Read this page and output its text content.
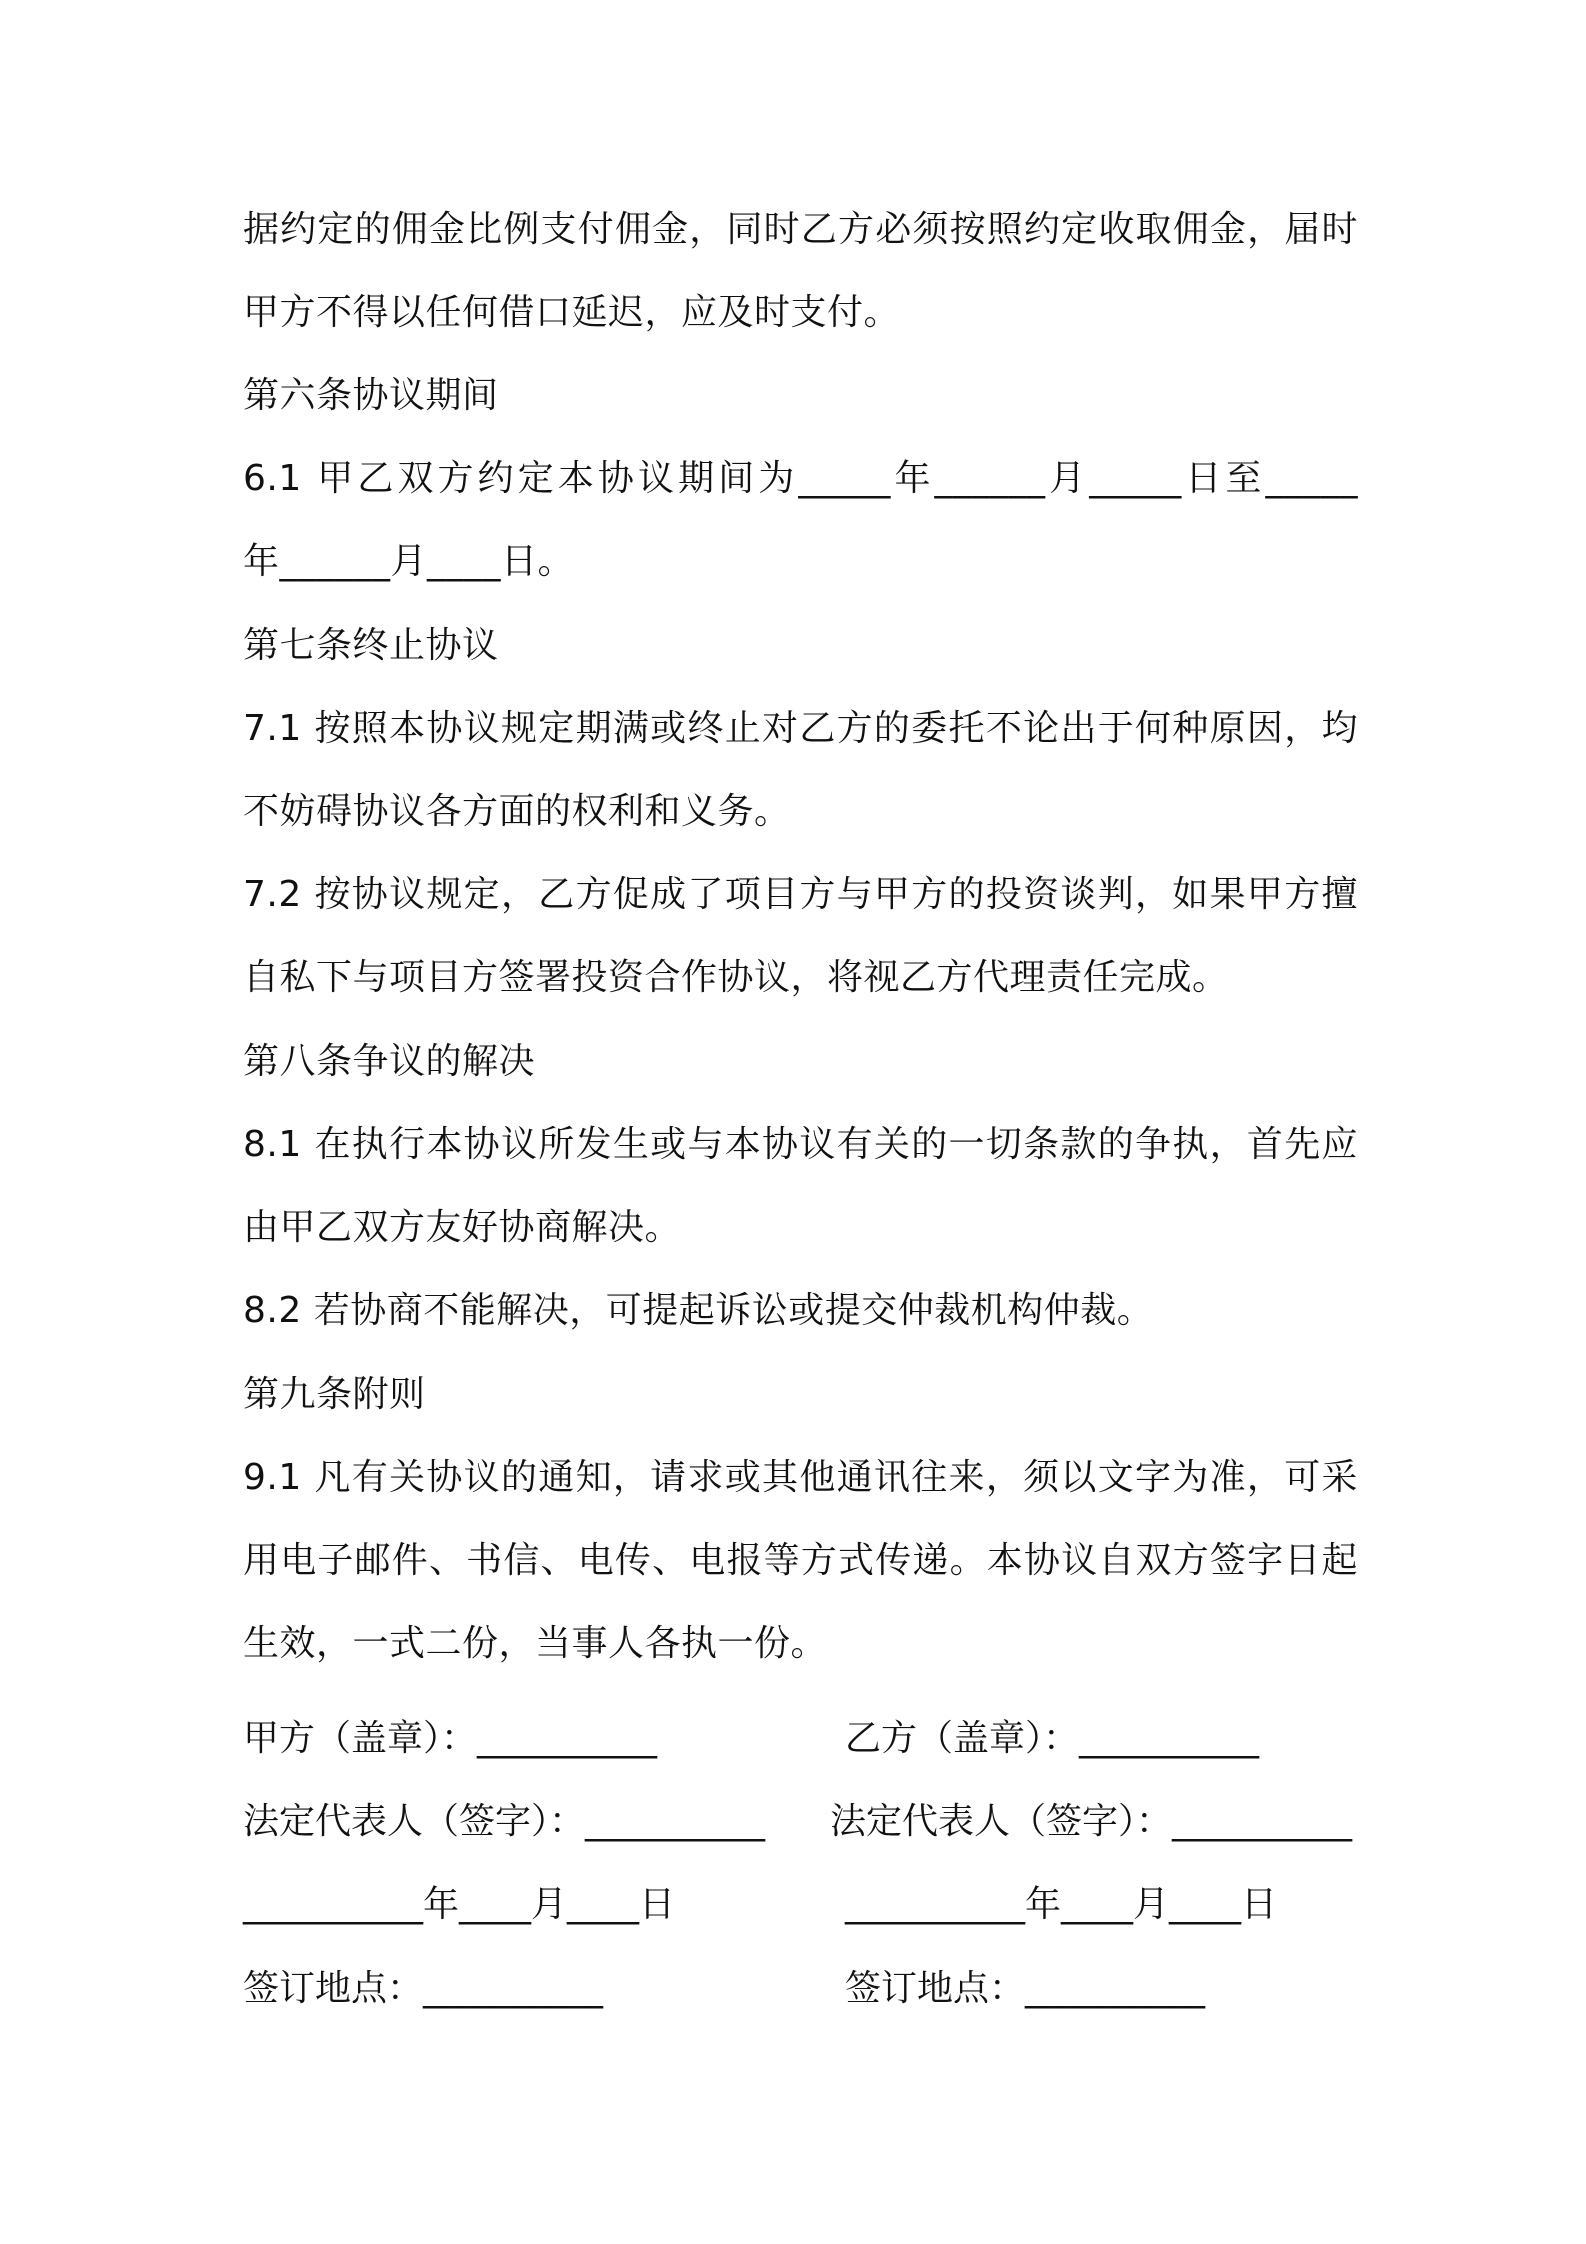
据约定的佣金比例支付佣金，同时乙方必须按照约定收取佣金，届时
甲方不得以任何借口延迟，应及时支付。
第六条协议期间
6.1 甲乙双方约定本协议期间为_____年______月_____日至_____
年______月____日。
第七条终止协议
7.1 按照本协议规定期满或终止对乙方的委托不论出于何种原因，均
不妨碍协议各方面的权利和义务。
7.2 按协议规定，乙方促成了项目方与甲方的投资谈判，如果甲方擅
自私下与项目方签署投资合作协议，将视乙方代理责任完成。
第八条争议的解决
8.1 在执行本协议所发生或与本协议有关的一切条款的争执，首先应
由甲乙双方友好协商解决。
8.2 若协商不能解决，可提起诉讼或提交仲裁机构仲裁。
第九条附则
9.1 凡有关协议的通知，请求或其他通讯往来，须以文字为准，可采
用电子邮件、书信、电传、电报等方式传递。本协议自双方签字日起
生效，一式二份，当事人各执一份。
甲方（盖章）：__________	乙方（盖章）：__________
法定代表人（签字）：__________ 法定代表人（签字）：__________
__________年____月____日	__________年____月____日
签订地点：__________	签订地点：__________
